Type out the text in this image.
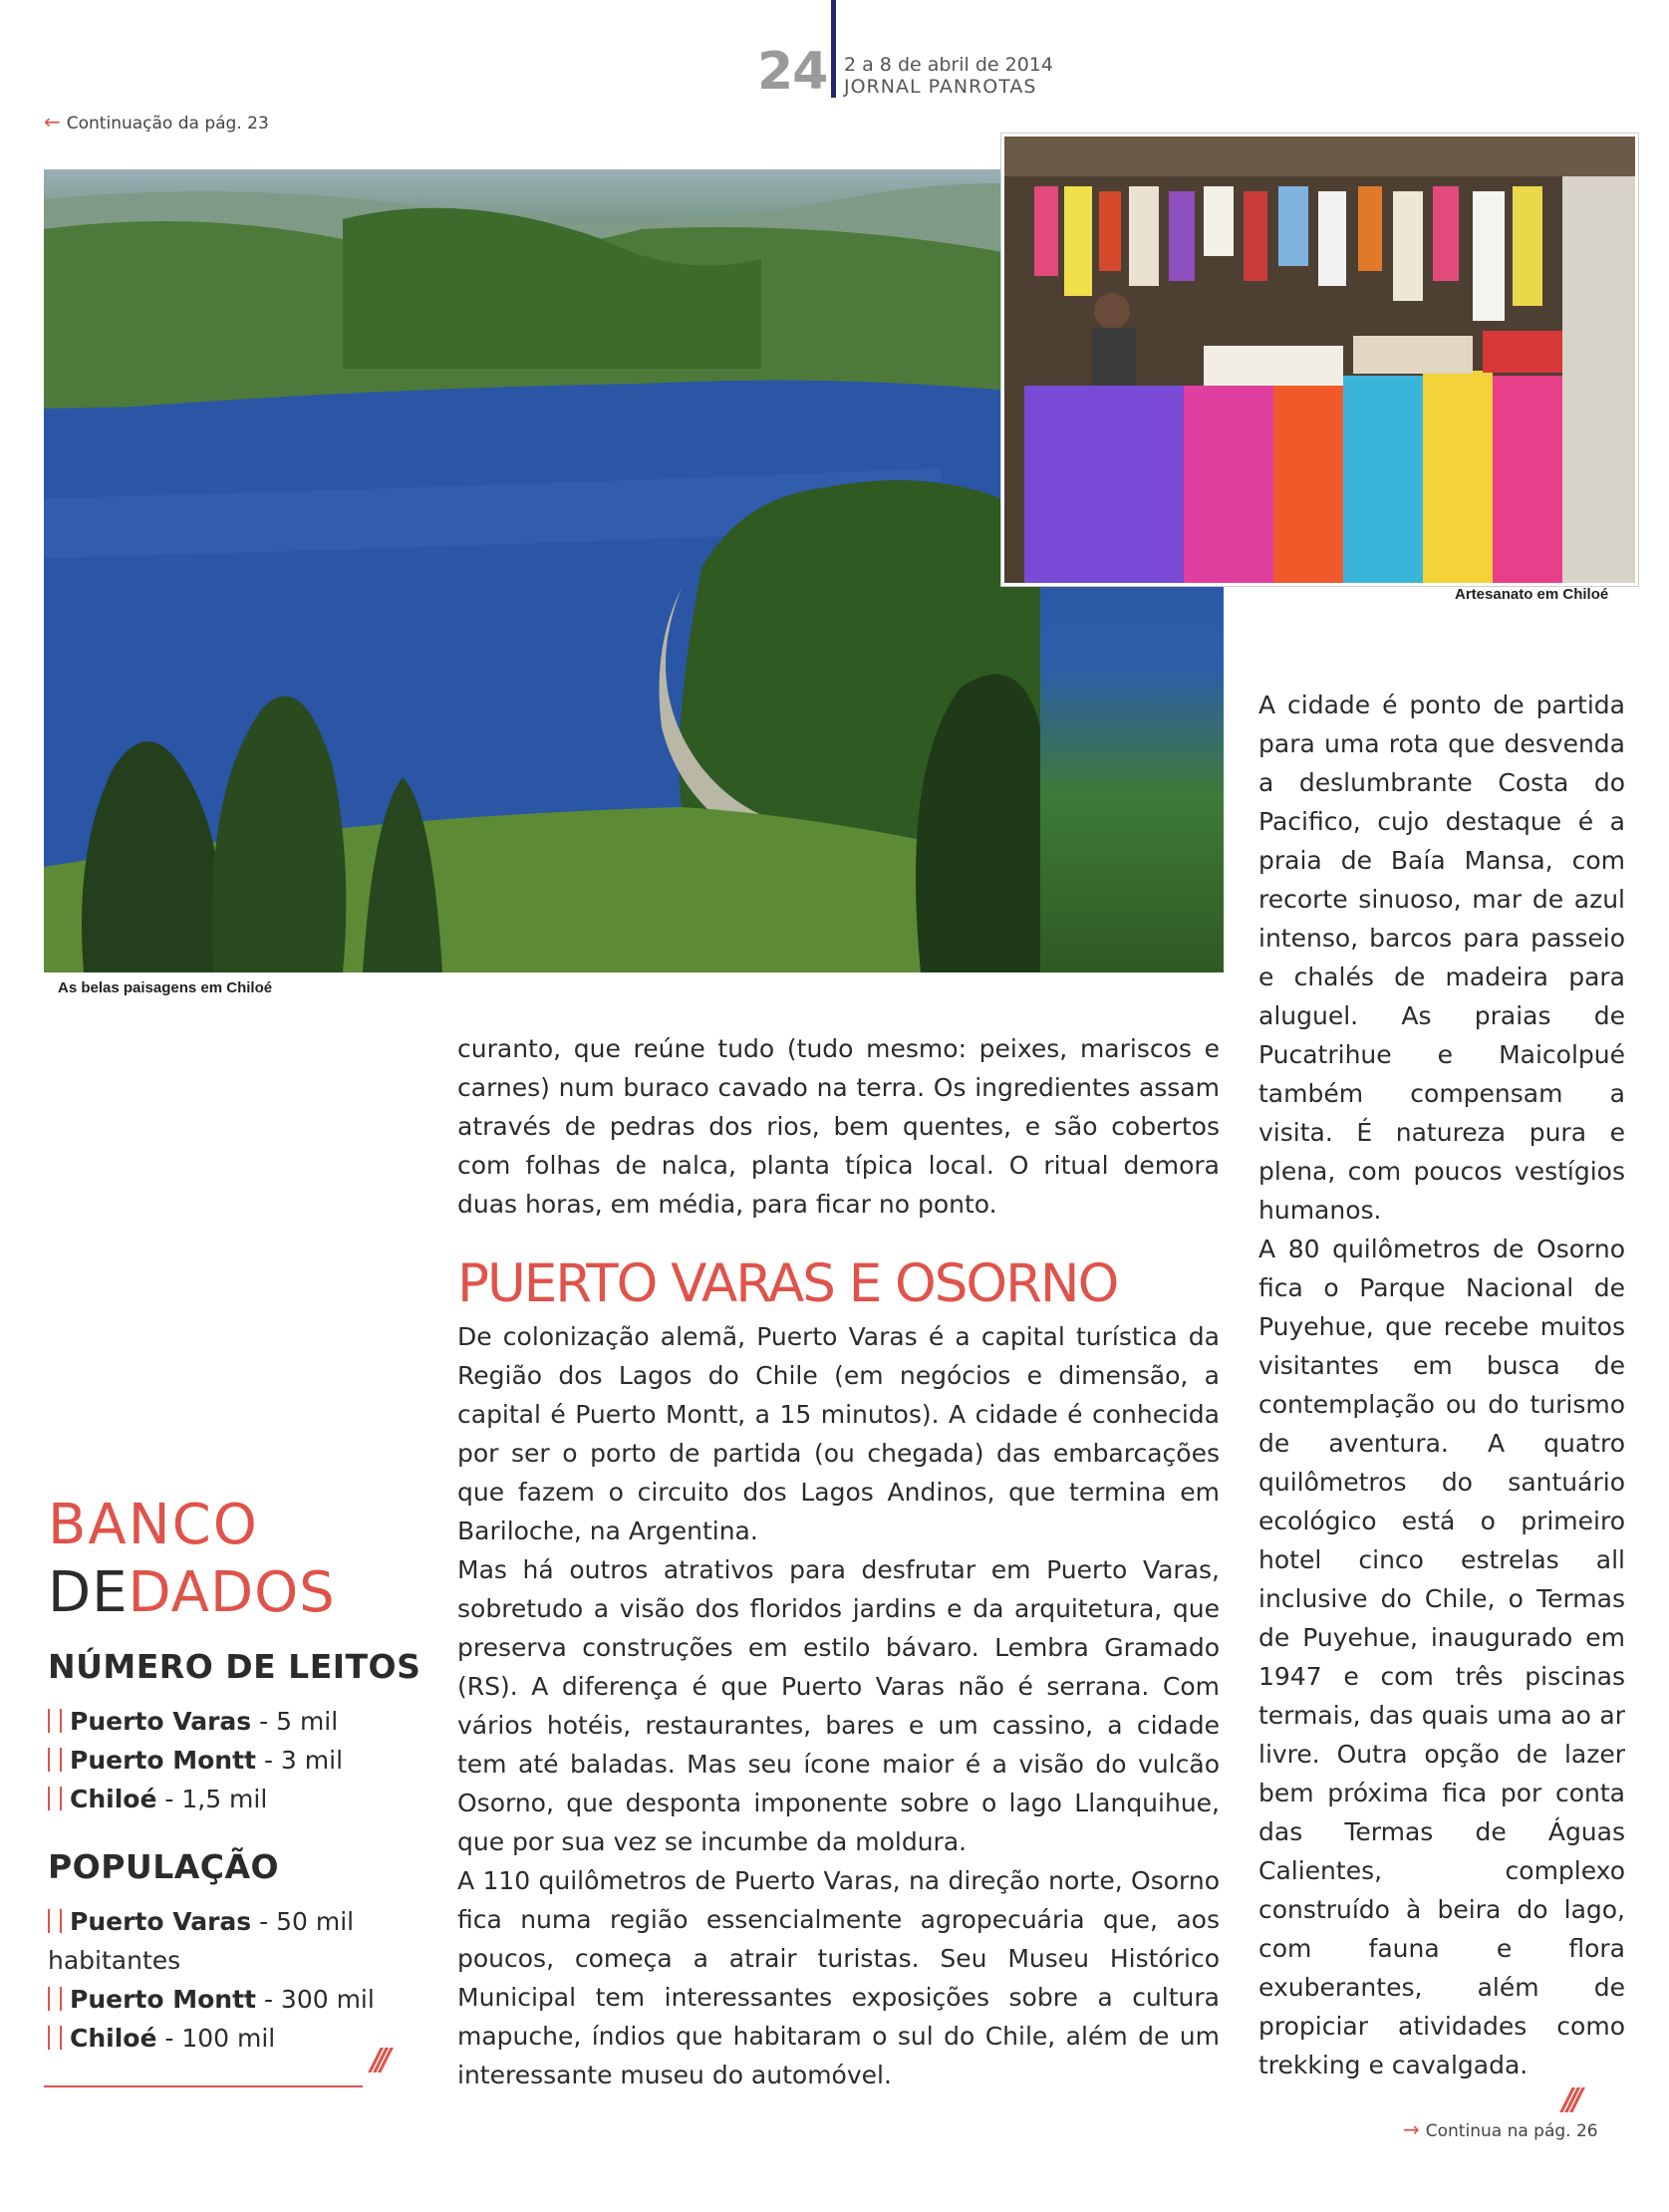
24 2 a 8 de abril de 2014
JORNAL PANROTAS
← Continuação da pág. 23
As belas paisagens em Chiloé
Artesanato em Chiloé

curanto, que reúne tudo (tudo mesmo: peixes, mariscos e carnes) num buraco cavado na terra. Os ingredientes assam através de pedras dos rios, bem quentes, e são cobertos com folhas de nalca, planta típica local. O ritual demora duas horas, em média, para ficar no ponto.

PUERTO VARAS E OSORNO

De colonização alemã, Puerto Varas é a capital turística da Região dos Lagos do Chile (em negócios e dimensão, a capital é Puerto Montt, a 15 minutos). A cidade é conhecida por ser o porto de partida (ou chegada) das embarcações que fazem o circuito dos Lagos Andinos, que termina em Bariloche, na Argentina.

Mas há outros atrativos para desfrutar em Puerto Varas, sobretudo a visão dos floridos jardins e da arquitetura, que preserva construções em estilo bávaro. Lembra Gramado (RS). A diferença é que Puerto Varas não é serrana. Com vários hotéis, restaurantes, bares e um cassino, a cidade tem até baladas. Mas seu ícone maior é a visão do vulcão Osorno, que desponta imponente sobre o lago Llanquihue, que por sua vez se incumbe da moldura.

A 110 quilômetros de Puerto Varas, na direção norte, Osorno fica numa região essencialmente agropecuária que, aos poucos, começa a atrair turistas. Seu Museu Histórico Municipal tem interessantes exposições sobre a cultura mapuche, índios que habitaram o sul do Chile, além de um interessante museu do automóvel.

A cidade é ponto de partida para uma rota que desvenda a deslumbrante Costa do Pacifico, cujo destaque é a praia de Baía Mansa, com recorte sinuoso, mar de azul intenso, barcos para passeio e chalés de madeira para aluguel. As praias de Pucatrihue e Maicolpué também compensam a visita. É natureza pura e plena, com poucos vestígios humanos.

A 80 quilômetros de Osorno fica o Parque Nacional de Puyehue, que recebe muitos visitantes em busca de contemplação ou do turismo de aventura. A quatro quilômetros do santuário ecológico está o primeiro hotel cinco estrelas all inclusive do Chile, o Termas de Puyehue, inaugurado em 1947 e com três piscinas termais, das quais uma ao ar livre. Outra opção de lazer bem próxima fica por conta das Termas de Águas Calientes, complexo construído à beira do lago, com fauna e flora exuberantes, além de propiciar atividades como trekking e cavalgada.

///
→ Continua na pág. 26
BANCO
DEDADOS
NÚMERO DE LEITOS
Puerto Varas - 5 mil
Puerto Montt - 3 mil
Chiloé - 1,5 mil
POPULAÇÃO
Puerto Varas - 50 mil habitantes
Puerto Montt - 300 mil
Chiloé - 100 mil
///
